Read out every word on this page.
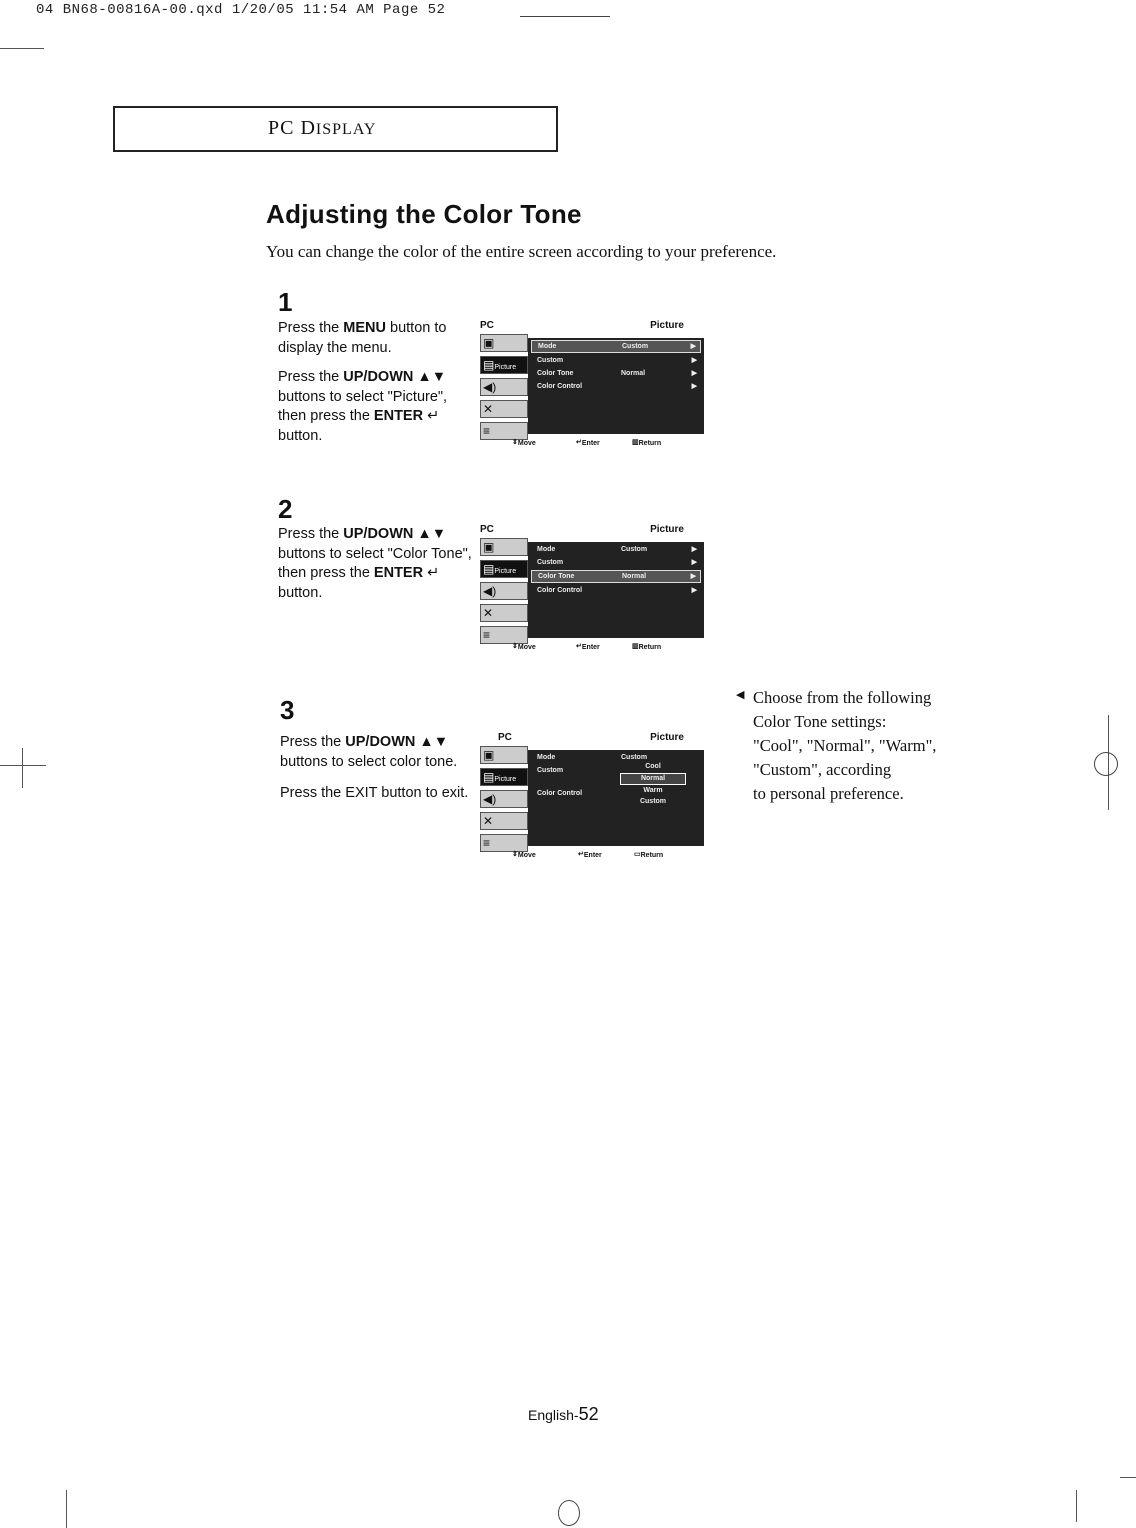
04 BN68-00816A-00.qxd 1/20/05 11:54 AM Page 52
PC DISPLAY
Adjusting the Color Tone
You can change the color of the entire screen according to your preference.
1
Press the MENU button to display the menu.
Press the UP/DOWN ▲▼ buttons to select "Picture", then press the ENTER ↵ button.
PC	Picture
▣
▤Picture
◀)
✕
≡
Mode	Custom	▶
Custom	▶
Color Tone	Normal	▶
Color Control	▶
⇕ Move	↵ Enter	▥ Return
2
Press the UP/DOWN ▲▼ buttons to select "Color Tone", then press the ENTER ↵ button.
PC	Picture
▣
▤Picture
◀)
✕
≡
Mode	Custom	▶
Custom	▶
Color Tone	Normal	▶
Color Control	▶
⇕ Move	↵ Enter	▥ Return
3
Press the UP/DOWN ▲▼ buttons to select color tone.
Press the EXIT button to exit.
PC	Picture
▣
▤Picture
◀)
✕
≡
Mode	Custom
Custom
Color Control
Cool
Normal
Warm
Custom
⇕ Move	↵ Enter	▭ Return
◀ Choose from the following
Color Tone settings:
"Cool", "Normal", "Warm",
"Custom", according
to personal preference.
English-52
